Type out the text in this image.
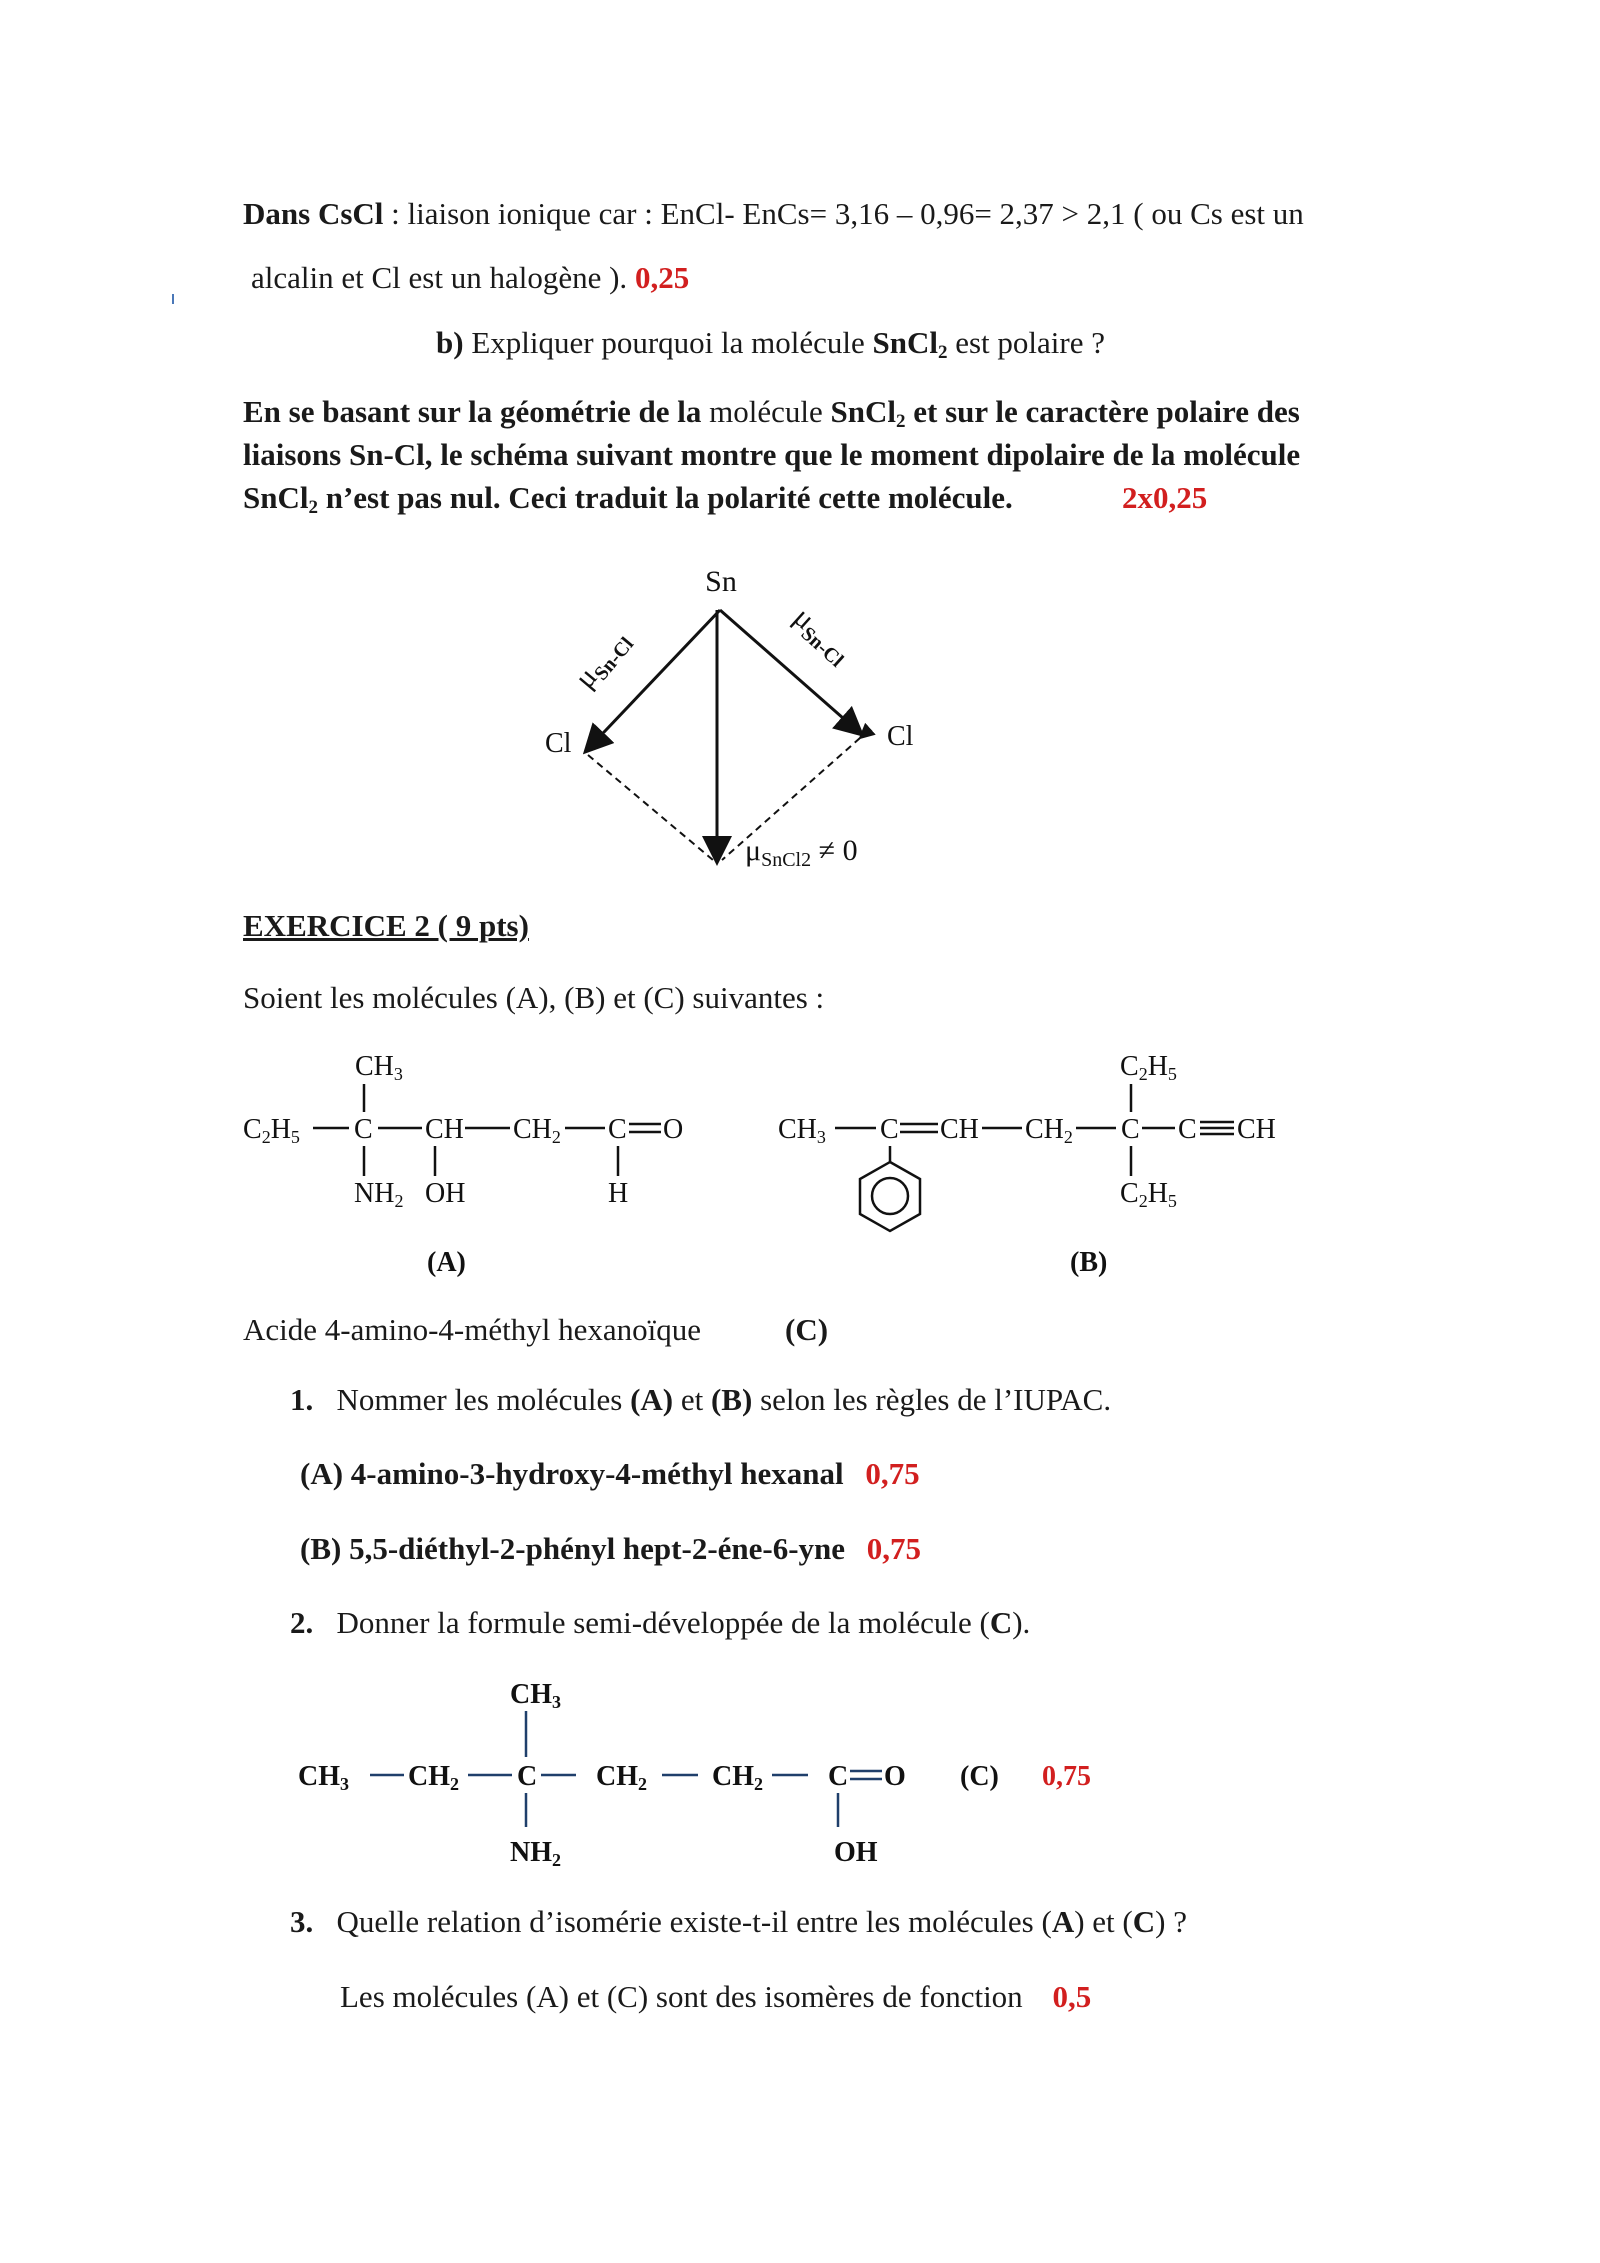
Dans CsCl : liaison ionique car : EnCl- EnCs= 3,16 – 0,96= 2,37 > 2,1 ( ou Cs est un
alcalin et Cl est un halogène ). 0,25
b) Expliquer pourquoi la molécule SnCl$_2$ est polaire ?
En se basant sur la géométrie de la molécule SnCl$_2$ et sur le caractère polaire des
liaisons Sn-Cl, le schéma suivant montre que le moment dipolaire de la molécule
SnCl$_2$ n’est pas nul. Ceci traduit la polarité cette molécule.	2x0,25
Sn
Cl	Cl
$\mu_{Sn-Cl}$
$\mu_{Sn-Cl}$
$\mu_{SnCl2} \ne 0$
EXERCICE 2 ( 9 pts)
Soient les molécules (A), (B) et (C) suivantes :
CH3
C2H5 C CH CH2 C O
NH2 OH	H
(A)
C2H5
CH3 C CH CH2 C C CH
C2H5
(B)
Acide 4-amino-4-méthyl hexanoïque	(C)
1. Nommer les molécules (A) et (B) selon les règles de l’IUPAC.
(A) 4-amino-3-hydroxy-4-méthyl hexanal 0,75
(B) 5,5-diéthyl-2-phényl hept-2-éne-6-yne 0,75
2. Donner la formule semi-développée de la molécule (C).
CH3
CH3 CH2 C CH2 CH2 C O
NH2	OH
(C) 0,75
3. Quelle relation d’isomérie existe-t-il entre les molécules (A) et (C) ?
Les molécules (A) et (C) sont des isomères de fonction 0,5
